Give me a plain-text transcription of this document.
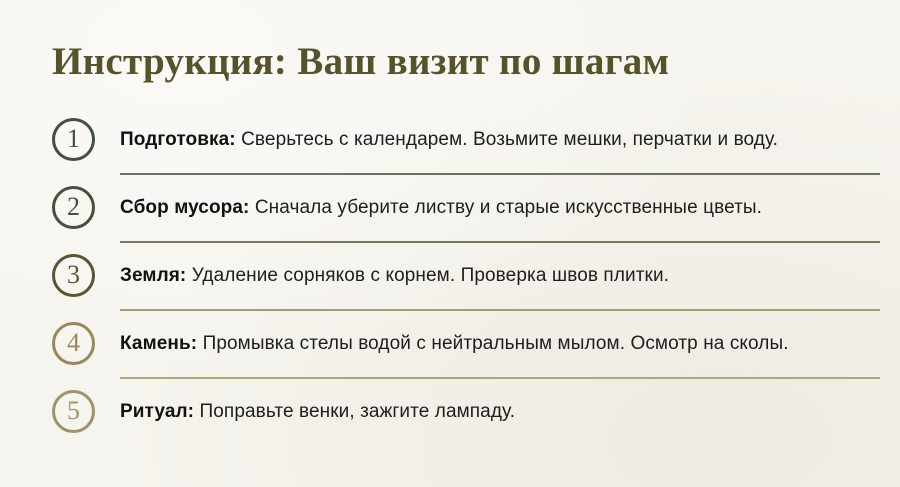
Инструкция: Ваш визит по шагам
1 Подготовка: Сверьтесь с календарем. Возьмите мешки, перчатки и воду.
2 Сбор мусора: Сначала уберите листву и старые искусственные цветы.
3 Земля: Удаление сорняков с корнем. Проверка швов плитки.
4 Камень: Промывка стелы водой с нейтральным мылом. Осмотр на сколы.
5 Ритуал: Поправьте венки, зажгите лампаду.
